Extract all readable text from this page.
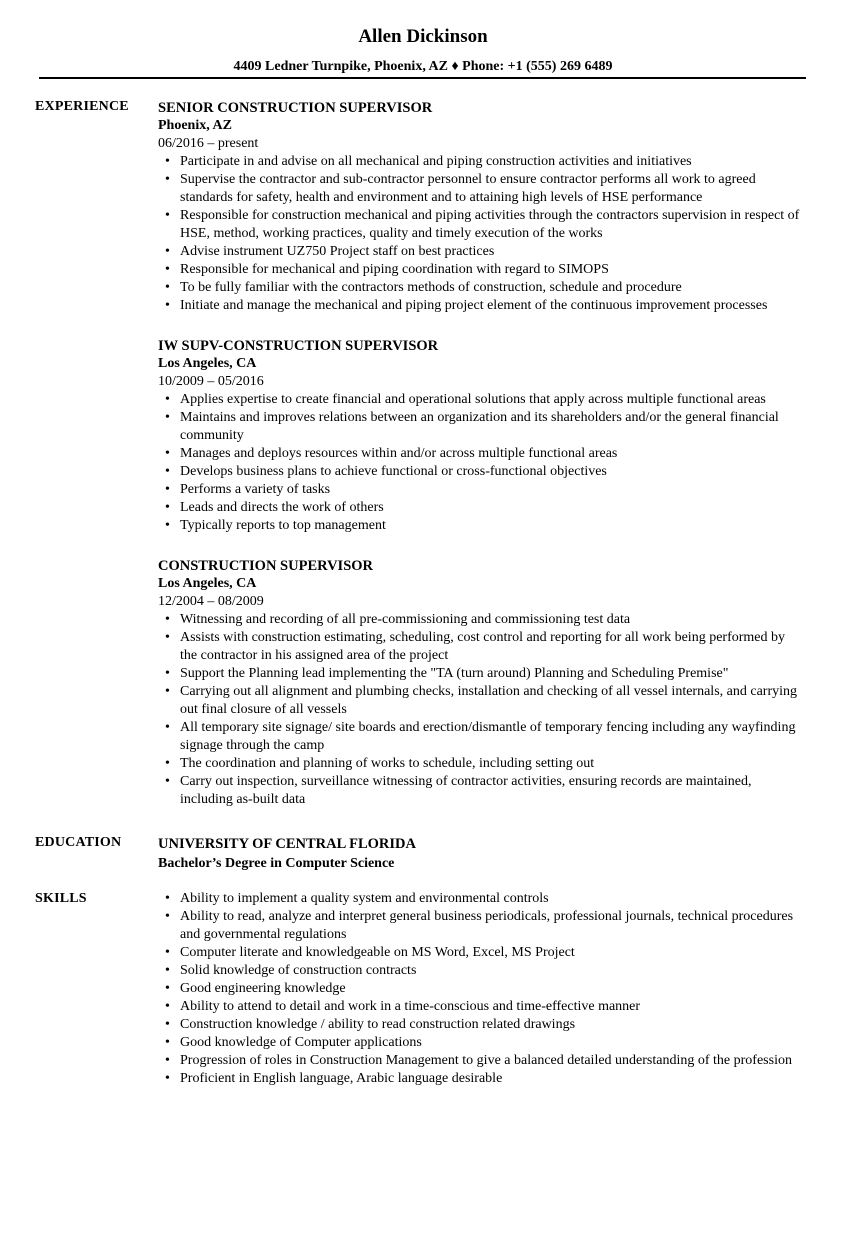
Allen Dickinson
4409 Ledner Turnpike, Phoenix, AZ ♦ Phone: +1 (555) 269 6489
EXPERIENCE SENIOR CONSTRUCTION SUPERVISOR
Phoenix, AZ
06/2016 – present
• Participate in and advise on all mechanical and piping construction activities and initiatives
• Supervise the contractor and sub-contractor personnel to ensure contractor performs all work to agreed standards for safety, health and environment and to attaining high levels of HSE performance
• Responsible for construction mechanical and piping activities through the contractors supervision in respect of HSE, method, working practices, quality and timely execution of the works
• Advise instrument UZ750 Project staff on best practices
• Responsible for mechanical and piping coordination with regard to SIMOPS
• To be fully familiar with the contractors methods of construction, schedule and procedure
• Initiate and manage the mechanical and piping project element of the continuous improvement processes
IW SUPV-CONSTRUCTION SUPERVISOR
Los Angeles, CA
10/2009 – 05/2016
• Applies expertise to create financial and operational solutions that apply across multiple functional areas
• Maintains and improves relations between an organization and its shareholders and/or the general financial community
• Manages and deploys resources within and/or across multiple functional areas
• Develops business plans to achieve functional or cross-functional objectives
• Performs a variety of tasks
• Leads and directs the work of others
• Typically reports to top management
CONSTRUCTION SUPERVISOR
Los Angeles, CA
12/2004 – 08/2009
• Witnessing and recording of all pre-commissioning and commissioning test data
• Assists with construction estimating, scheduling, cost control and reporting for all work being performed by the contractor in his assigned area of the project
• Support the Planning lead implementing the "TA (turn around) Planning and Scheduling Premise"
• Carrying out all alignment and plumbing checks, installation and checking of all vessel internals, and carrying out final closure of all vessels
• All temporary site signage/ site boards and erection/dismantle of temporary fencing including any wayfinding signage through the camp
• The coordination and planning of works to schedule, including setting out
• Carry out inspection, surveillance witnessing of contractor activities, ensuring records are maintained, including as-built data
EDUCATION	UNIVERSITY OF CENTRAL FLORIDA
Bachelor’s Degree in Computer Science
SKILLS
•	Ability to implement a quality system and environmental controls
• Ability to read, analyze and interpret general business periodicals, professional journals, technical procedures and governmental regulations
• Computer literate and knowledgeable on MS Word, Excel, MS Project
• Solid knowledge of construction contracts
• Good engineering knowledge
• Ability to attend to detail and work in a time-conscious and time-effective manner
• Construction knowledge / ability to read construction related drawings
• Good knowledge of Computer applications
• Progression of roles in Construction Management to give a balanced detailed understanding of the profession
• Proficient in English language, Arabic language desirable
